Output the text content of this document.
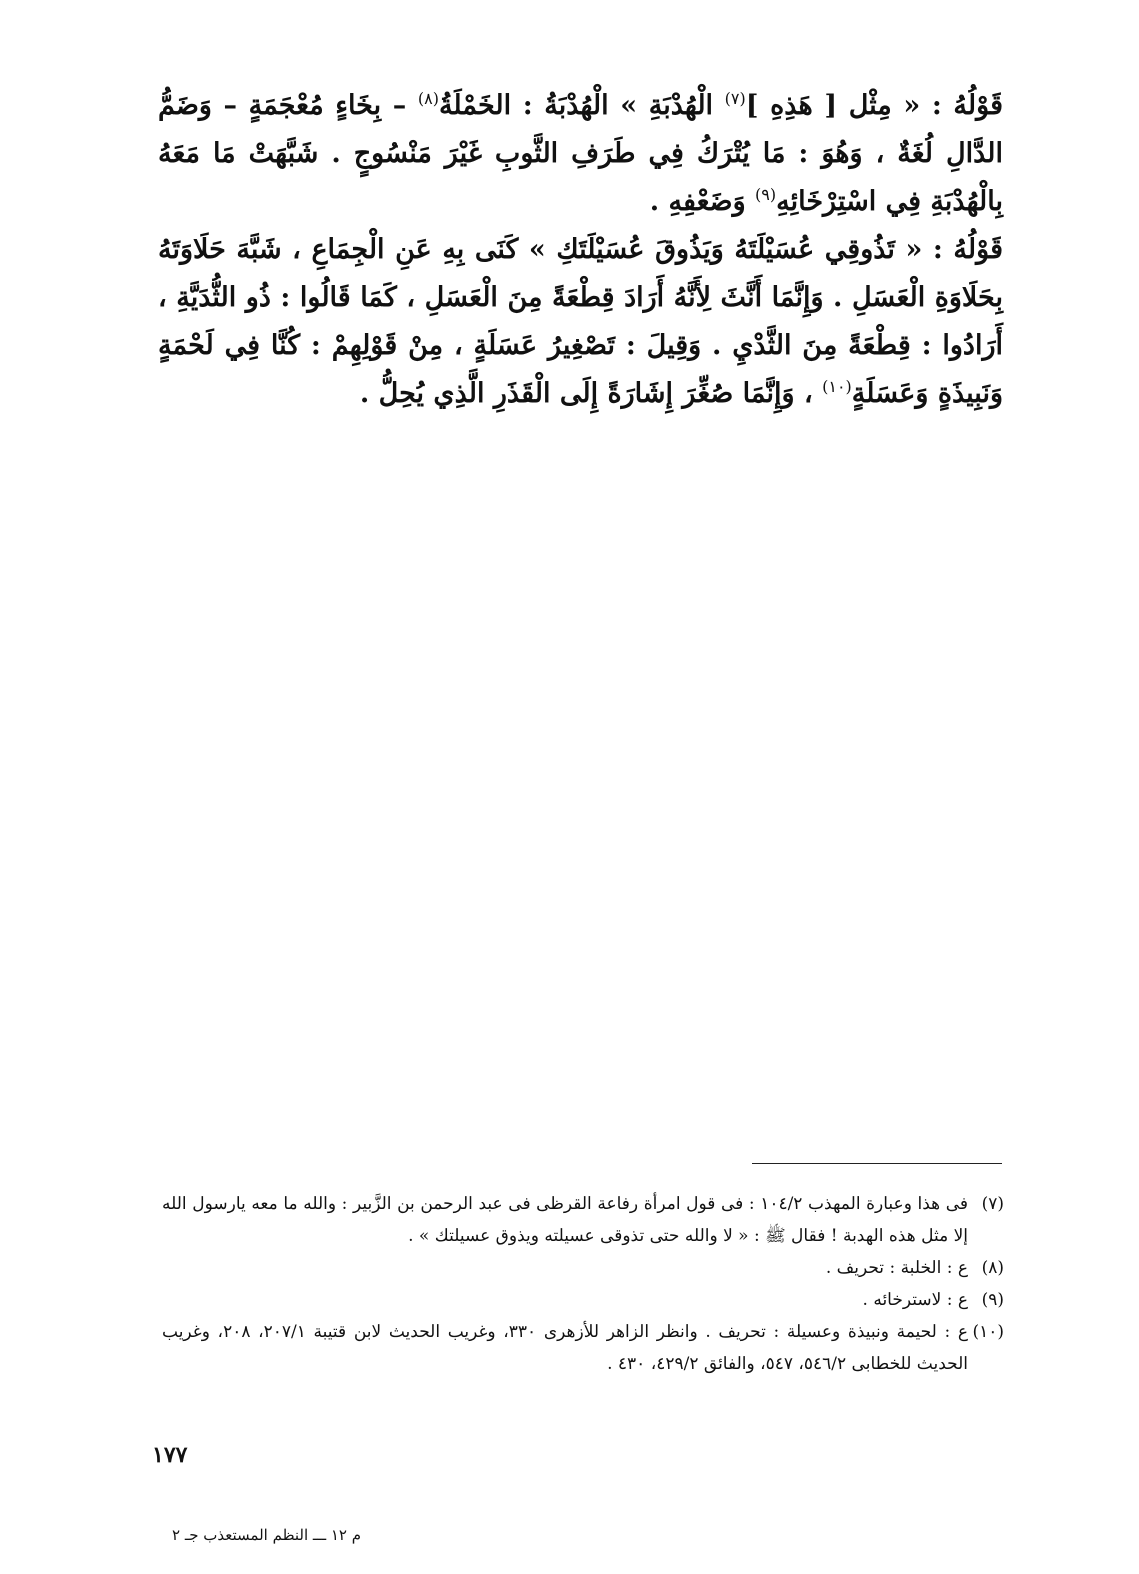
قَوْلُهُ : « مِثْل [ هَذِهِ ]$^{(٧)}$ الْهُدْبَةِ » الْهُدْبَةُ : الخَمْلَةُ$^{(٨)}$ – بِخَاءٍ مُعْجَمَةٍ – وَضَمُّ الدَّالِ لُغَةٌ ، وَهُوَ : مَا يُتْرَكُ فِي طَرَفِ الثَّوبِ غَيْرَ مَنْسُوجٍ . شَبَّهَتْ مَا مَعَهُ بِالْهُدْبَةِ فِي اسْتِرْخَائِهِ$^{(٩)}$ وَضَعْفِهِ .

قَوْلُهُ : « تَذُوقِي عُسَيْلَتَهُ وَيَذُوقَ عُسَيْلَتَكِ » كَنَى بِهِ عَنِ الْجِمَاعِ ، شَبَّهَ حَلَاوَتَهُ بِحَلَاوَةِ الْعَسَلِ . وَإِنَّمَا أَنَّثَ لِأَنَّهُ أَرَادَ قِطْعَةً مِنَ الْعَسَلِ ، كَمَا قَالُوا : ذُو الثُّدَيَّةِ ، أَرَادُوا : قِطْعَةً مِنَ الثَّدْيِ . وَقِيلَ : تَصْغِيرُ عَسَلَةٍ ، مِنْ قَوْلِهِمْ : كُنَّا فِي لَحْمَةٍ وَنَبِيذَةٍ وَعَسَلَةٍ$^{(١٠)}$ ، وَإِنَّمَا صُغِّرَ إِشَارَةً إِلَى الْقَذَرِ الَّذِي يُحِلُّ .

(٧)
فى هذا وعبارة المهذب ١٠٤/٢ : فى قول امرأة رفاعة القرظى فى عبد الرحمن بن الزَّبير : والله ما معه يارسول الله إلا مثل هذه الهدبة ! فقال ﷺ : « لا والله حتى تذوقى عسيلته ويذوق عسيلتك » .
(٨)
ع : الخلبة : تحريف .
(٩)
ع : لاسترخائه .
(١٠)
ع : لحيمة ونبيذة وعسيلة : تحريف . وانظر الزاهر للأزهرى ٣٣٠، وغريب الحديث لابن قتيبة ٢٠٧/١، ٢٠٨، وغريب الحديث للخطابى ٥٤٦/٢، ٥٤٧، والفائق ٤٢٩/٢، ٤٣٠ .
١٧٧
م ١٢ ـــ النظم المستعذب جـ ٢
